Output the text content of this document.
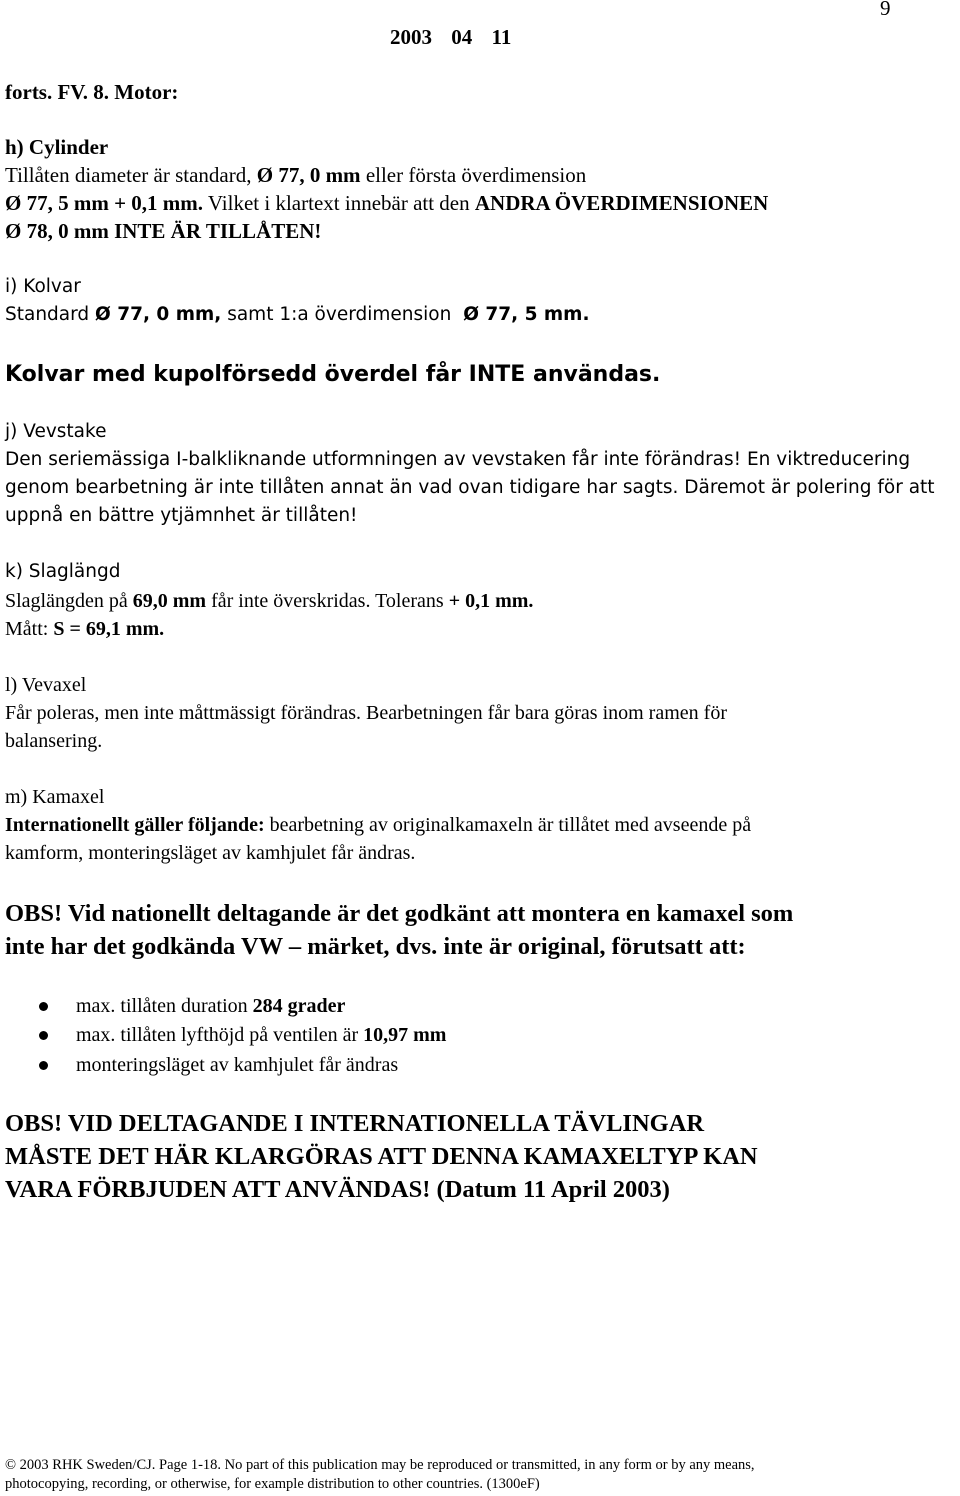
9
2003 04 11
forts. FV. 8. Motor:
h) Cylinder
Tillåten diameter är standard, Ø 77, 0 mm eller första överdimension
Ø 77, 5 mm + 0,1 mm. Vilket i klartext innebär att den ANDRA ÖVERDIMENSIONEN
Ø 78, 0 mm INTE ÄR TILLÅTEN!
i) Kolvar
Standard Ø 77, 0 mm, samt 1:a överdimension Ø 77, 5 mm.
Kolvar med kupolförsedd överdel får INTE användas.
j) Vevstake
Den seriemässiga I-balkliknande utformningen av vevstaken får inte förändras! En viktreducering
genom bearbetning är inte tillåten annat än vad ovan tidigare har sagts. Däremot är polering för att
uppnå en bättre ytjämnhet är tillåten!
k) Slaglängd
Slaglängden på 69,0 mm får inte överskridas. Tolerans + 0,1 mm.
Mått: S = 69,1 mm.
l) Vevaxel
Får poleras, men inte måttmässigt förändras. Bearbetningen får bara göras inom ramen för
balansering.
m) Kamaxel
Internationellt gäller följande: bearbetning av originalkamaxeln är tillåtet med avseende på
kamform, monteringsläget av kamhjulet får ändras.
OBS! Vid nationellt deltagande är det godkänt att montera en kamaxel som
inte har det godkända VW – märket, dvs. inte är original, förutsatt att:
max. tillåten duration 284 grader
max. tillåten lyfthöjd på ventilen är 10,97 mm
monteringsläget av kamhjulet får ändras
OBS! VID DELTAGANDE I INTERNATIONELLA TÄVLINGAR
MÅSTE DET HÄR KLARGÖRAS ATT DENNA KAMAXELTYP KAN
VARA FÖRBJUDEN ATT ANVÄNDAS! (Datum 11 April 2003)
© 2003 RHK Sweden/CJ. Page 1-18. No part of this publication may be reproduced or transmitted, in any form or by any means,
photocopying, recording, or otherwise, for example distribution to other countries. (1300eF)
